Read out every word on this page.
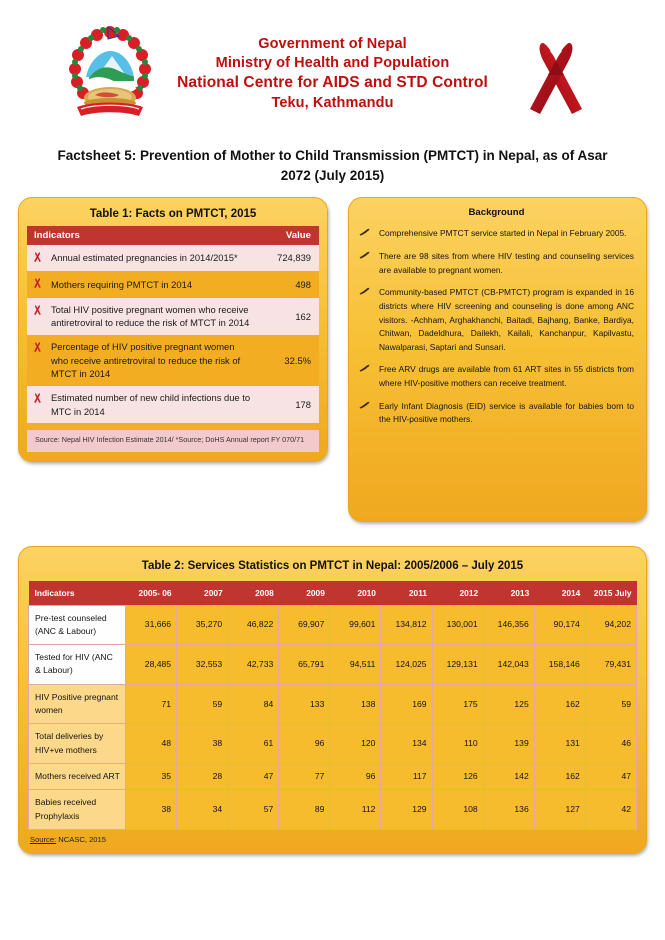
Government of Nepal
Ministry of Health and Population
National Centre for AIDS and STD Control
Teku, Kathmandu
Factsheet 5: Prevention of Mother to Child Transmission (PMTCT) in Nepal, as of Asar 2072 (July 2015)
Table 1: Facts on PMTCT, 2015
Indicators		Value
	Annual estimated pregnancies in 2014/2015*	724,839
	Mothers requiring PMTCT in 2014	498
	Total HIV positive pregnant women who receive antiretroviral to reduce the risk of MTCT in 2014	162
	Percentage of HIV positive pregnant women who receive antiretroviral to reduce the risk of MTCT in 2014	32.5%
	Estimated number of new child infections due to MTC in 2014	178
Source: Nepal HIV Infection Estimate 2014/ *Source; DoHS Annual report FY 070/71
Background
Comprehensive PMTCT service started in Nepal in February 2005.
There are 98 sites from where HIV testing and counseling services are available to pregnant women.
Community-based PMTCT (CB-PMTCT) program is expanded in 16 districts where HIV screening and counseling is done among ANC visitors. -Achham, Arghakhanchi, Baitadi, Bajhang, Banke, Bardiya, Chitwan, Dadeldhura, Dailekh, Kailali, Kanchanpur, Kapilvastu, Nawalparasi, Saptari and Sunsari.
Free ARV drugs are available from 61 ART sites in 55 districts from where HIV-positive mothers can receive treatment.
Early Infant Diagnosis (EID) service is available for babies born to the HIV-positive mothers.
Table 2: Services Statistics on PMTCT in Nepal: 2005/2006 – July 2015
Indicators	2005- 06	2007	2008	2009	2010	2011	2012	2013	2014	2015 July
Pre-test counseled (ANC & Labour)	31,666	35,270	46,822	69,907	99,601	134,812	130,001	146,356	90,174	94,202
Tested for HIV (ANC & Labour)	28,485	32,553	42,733	65,791	94,511	124,025	129,131	142,043	158,146	79,431
HIV Positive pregnant women	71	59	84	133	138	169	175	125	162	59
Total deliveries by HIV+ve mothers	48	38	61	96	120	134	110	139	131	46
Mothers received ART	35	28	47	77	96	117	126	142	162	47
Babies received Prophylaxis	38	34	57	89	112	129	108	136	127	42
Source: NCASC, 2015
